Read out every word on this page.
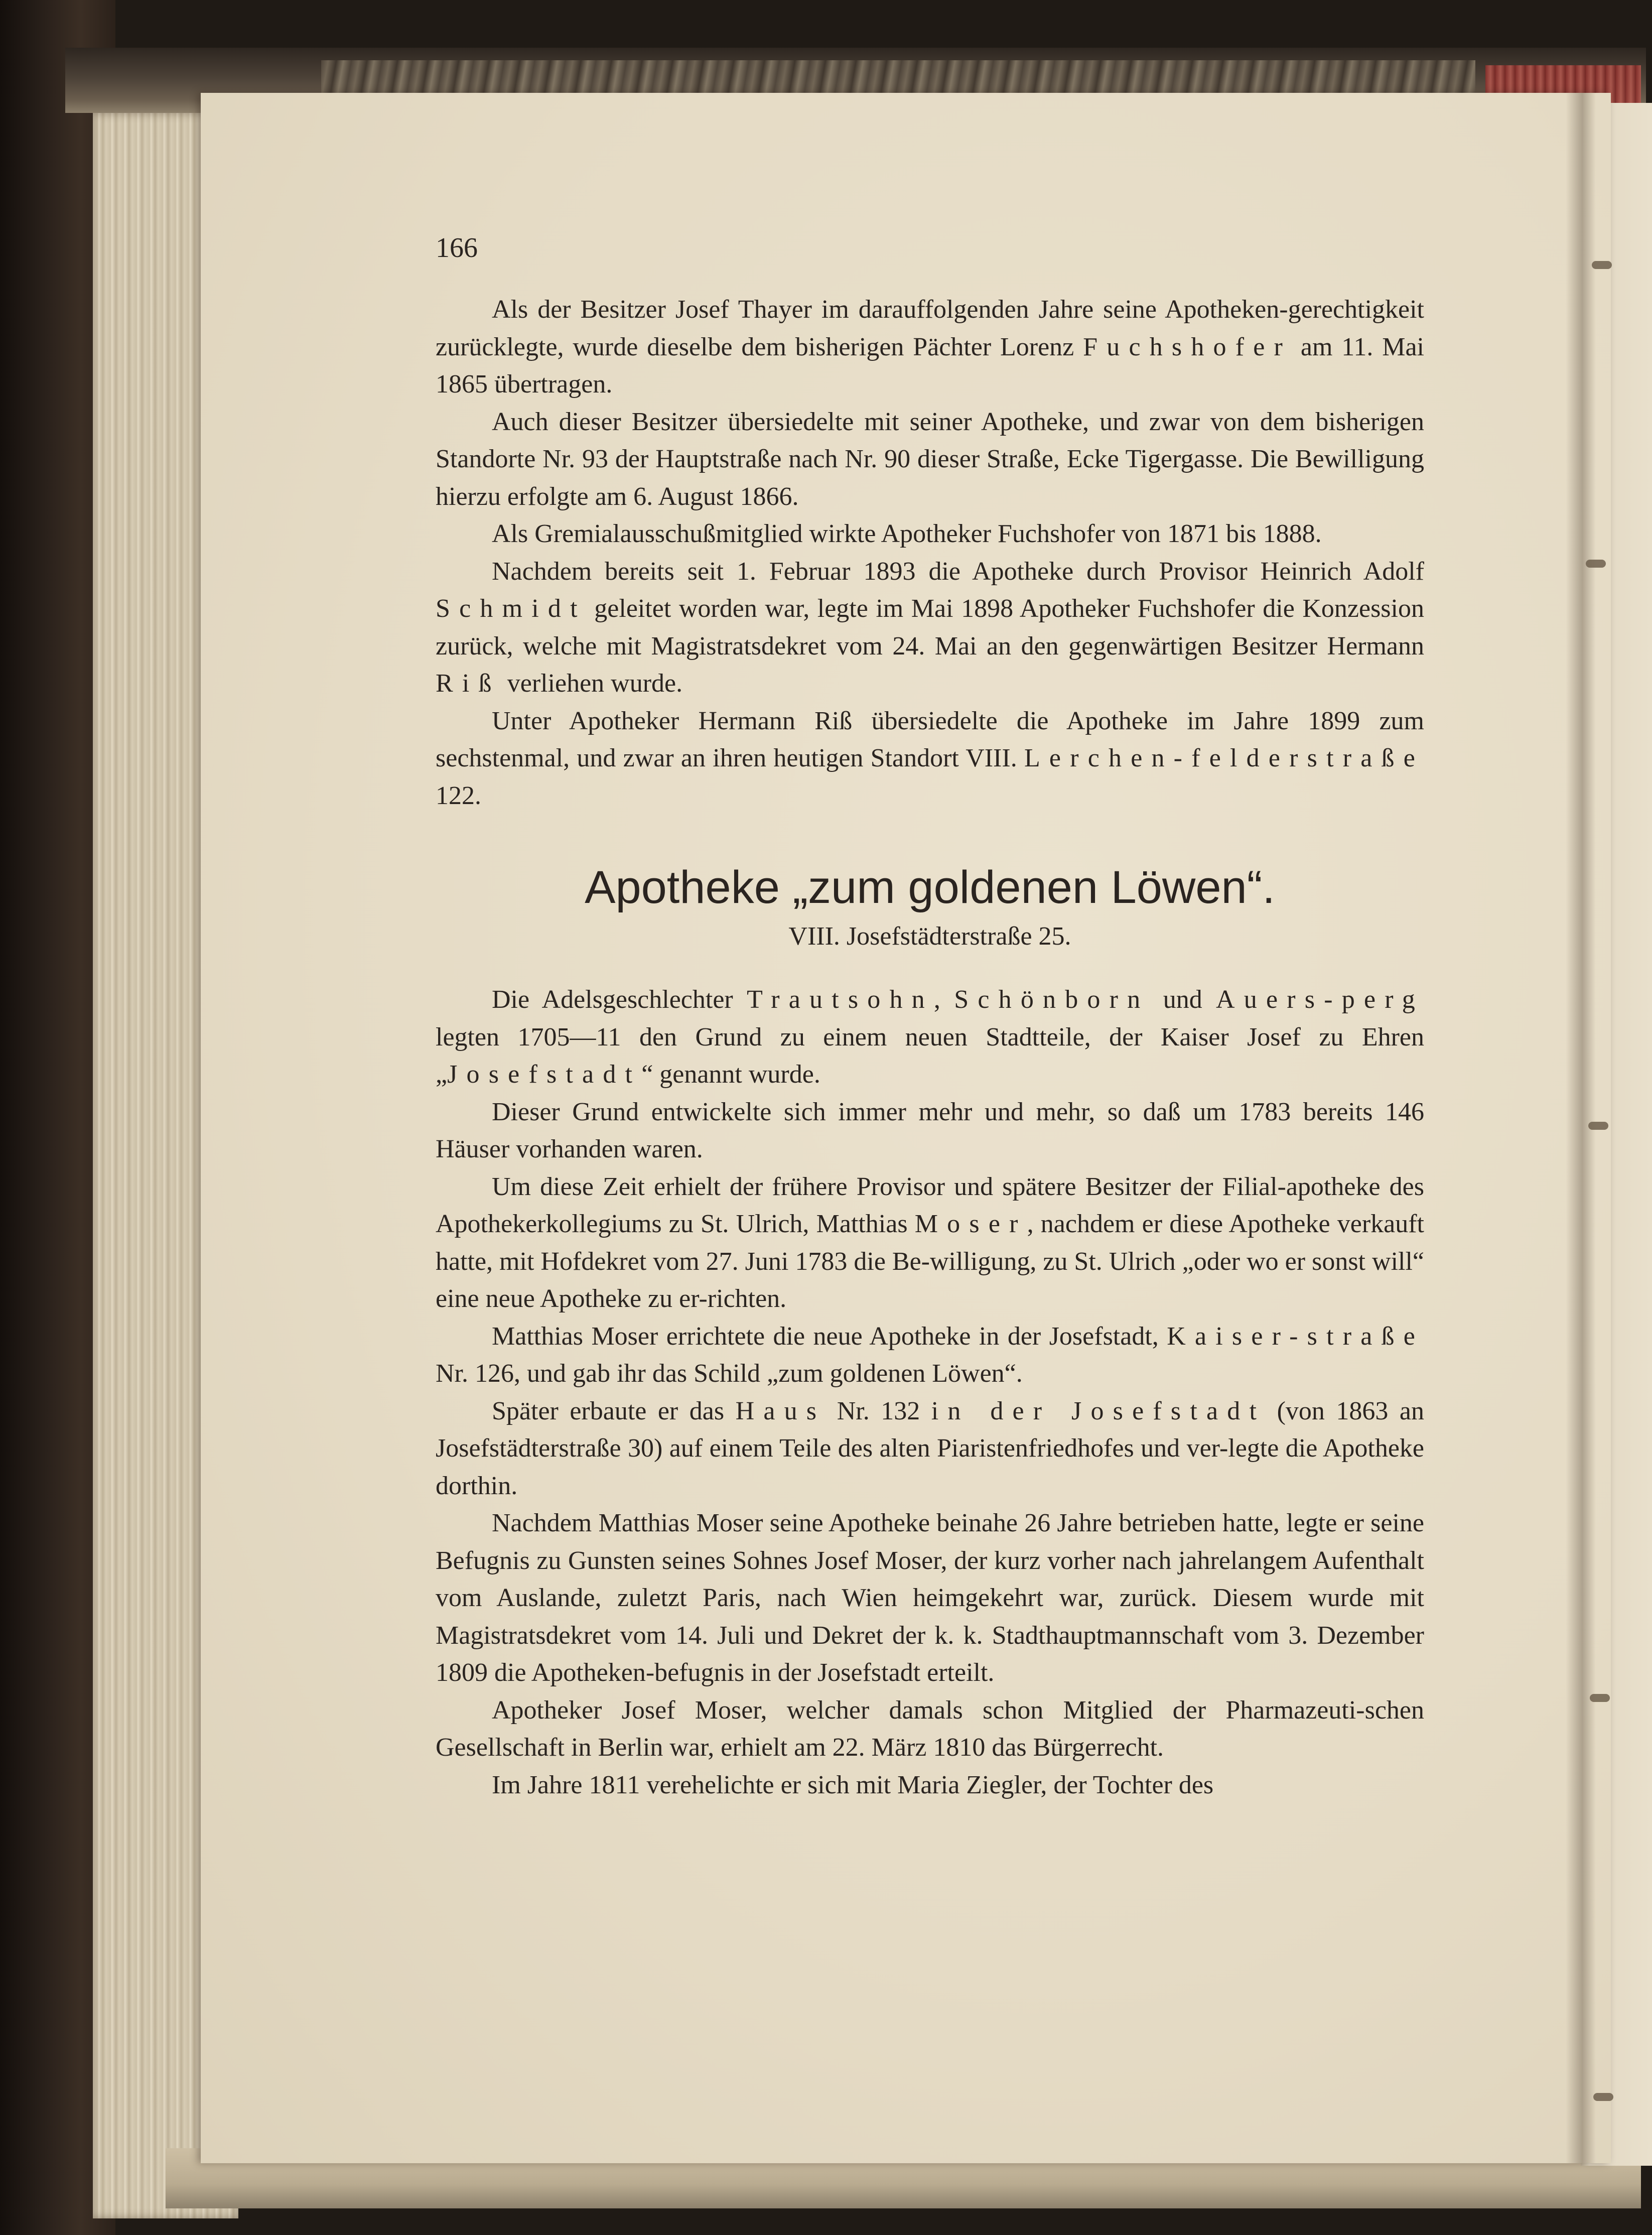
166

Als der Besitzer Josef Thayer im darauffolgenden Jahre seine Apotheken-gerechtigkeit zurücklegte, wurde dieselbe dem bisherigen Pächter Lorenz Fuchshofer am 11. Mai 1865 übertragen.

Auch dieser Besitzer übersiedelte mit seiner Apotheke, und zwar von dem bisherigen Standorte Nr. 93 der Hauptstraße nach Nr. 90 dieser Straße, Ecke Tigergasse. Die Bewilligung hierzu erfolgte am 6. August 1866.

Als Gremialausschußmitglied wirkte Apotheker Fuchshofer von 1871 bis 1888.

Nachdem bereits seit 1. Februar 1893 die Apotheke durch Provisor Heinrich Adolf Schmidt geleitet worden war, legte im Mai 1898 Apotheker Fuchshofer die Konzession zurück, welche mit Magistratsdekret vom 24. Mai an den gegenwärtigen Besitzer Hermann Riß verliehen wurde.

Unter Apotheker Hermann Riß übersiedelte die Apotheke im Jahre 1899 zum sechstenmal, und zwar an ihren heutigen Standort VIII. Lerchen-felderstraße 122.

Apotheke „zum goldenen Löwen“.
VIII. Josefstädterstraße 25.

Die Adelsgeschlechter Trautsohn, Schönborn und Auers-perg legten 1705—11 den Grund zu einem neuen Stadtteile, der Kaiser Josef zu Ehren „Josefstadt“ genannt wurde.

Dieser Grund entwickelte sich immer mehr und mehr, so daß um 1783 bereits 146 Häuser vorhanden waren.

Um diese Zeit erhielt der frühere Provisor und spätere Besitzer der Filial-apotheke des Apothekerkollegiums zu St. Ulrich, Matthias Moser, nachdem er diese Apotheke verkauft hatte, mit Hofdekret vom 27. Juni 1783 die Be-willigung, zu St. Ulrich „oder wo er sonst will“ eine neue Apotheke zu er-richten.

Matthias Moser errichtete die neue Apotheke in der Josefstadt, Kaiser-straße Nr. 126, und gab ihr das Schild „zum goldenen Löwen“.

Später erbaute er das Haus Nr. 132 in der Josefstadt (von 1863 an Josefstädterstraße 30) auf einem Teile des alten Piaristenfriedhofes und ver-legte die Apotheke dorthin.

Nachdem Matthias Moser seine Apotheke beinahe 26 Jahre betrieben hatte, legte er seine Befugnis zu Gunsten seines Sohnes Josef Moser, der kurz vorher nach jahrelangem Aufenthalt vom Auslande, zuletzt Paris, nach Wien heimgekehrt war, zurück. Diesem wurde mit Magistratsdekret vom 14. Juli und Dekret der k. k. Stadthauptmannschaft vom 3. Dezember 1809 die Apotheken-befugnis in der Josefstadt erteilt.

Apotheker Josef Moser, welcher damals schon Mitglied der Pharmazeuti-schen Gesellschaft in Berlin war, erhielt am 22. März 1810 das Bürgerrecht.

Im Jahre 1811 verehelichte er sich mit Maria Ziegler, der Tochter des
